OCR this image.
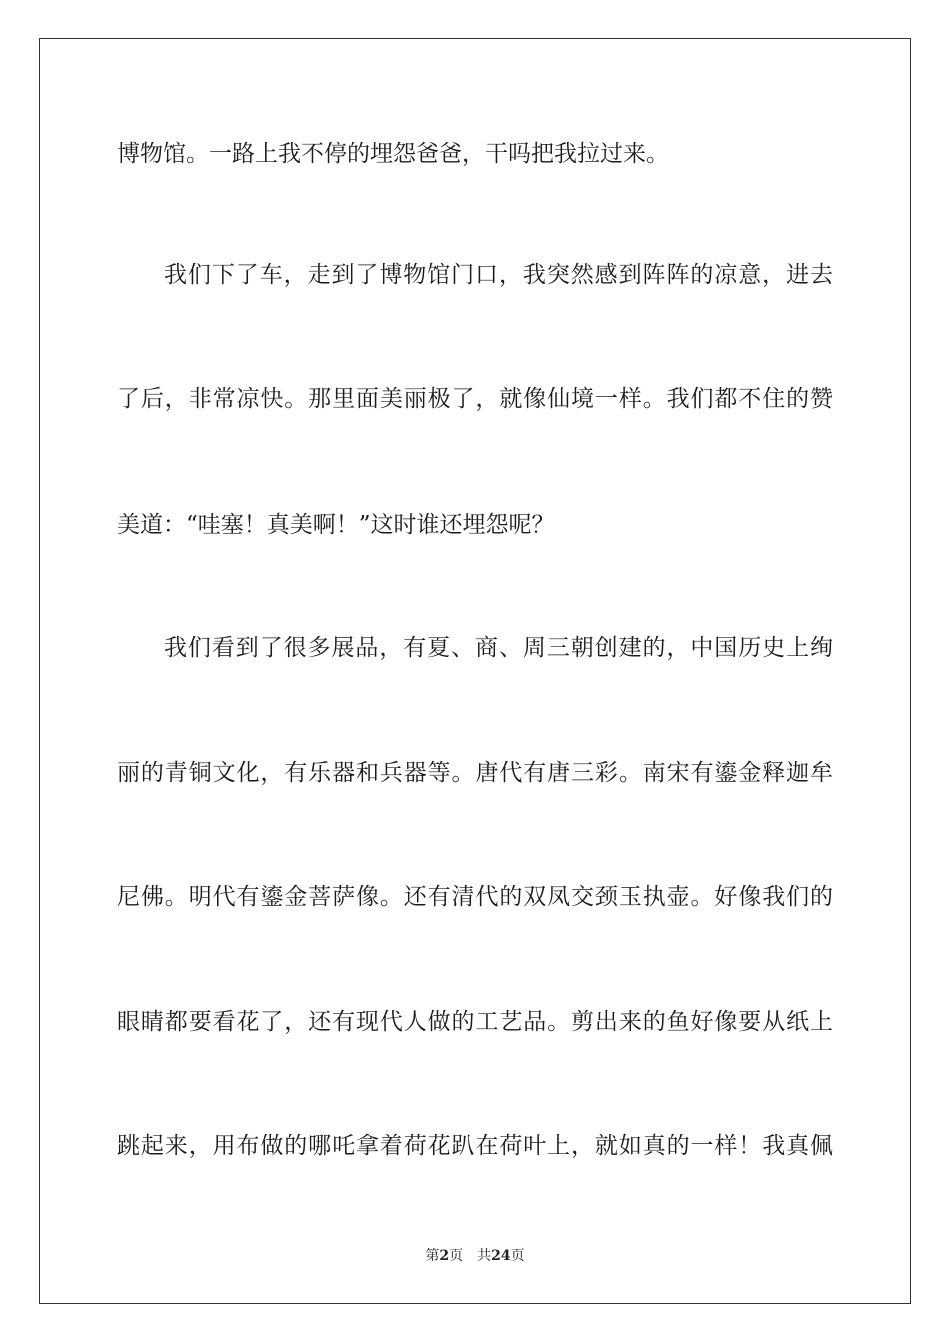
博物馆。一路上我不停的埋怨爸爸，干吗把我拉过来。
我们下了车，走到了博物馆门口，我突然感到阵阵的凉意，进去
了后，非常凉快。那里面美丽极了，就像仙境一样。我们都不住的赞
美道：“哇塞！真美啊！”这时谁还埋怨呢？
我们看到了很多展品，有夏、商、周三朝创建的，中国历史上绚
丽的青铜文化，有乐器和兵器等。唐代有唐三彩。南宋有鎏金释迦牟
尼佛。明代有鎏金菩萨像。还有清代的双凤交颈玉执壶。好像我们的
眼睛都要看花了，还有现代人做的工艺品。剪出来的鱼好像要从纸上
跳起来，用布做的哪吒拿着荷花趴在荷叶上，就如真的一样！我真佩
第2页 共24页
